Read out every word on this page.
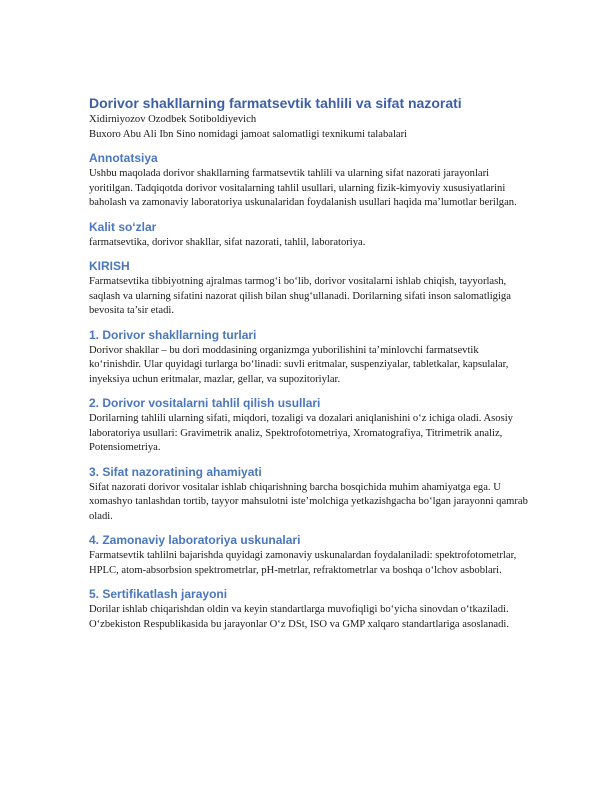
Dorivor shakllarning farmatsevtik tahlili va sifat nazorati

Xidirniyozov Ozodbek Sotiboldiyevich

Buxoro Abu Ali Ibn Sino nomidagi jamoat salomatligi texnikumi talabalari

Annotatsiya

Ushbu maqolada dorivor shakllarning farmatsevtik tahlili va ularning sifat nazorati jarayonlari yoritilgan. Tadqiqotda dorivor vositalarning tahlil usullari, ularning fizik-kimyoviy xususiyatlarini baholash va zamonaviy laboratoriya uskunalaridan foydalanish usullari haqida ma’lumotlar berilgan.

Kalit so‘zlar

farmatsevtika, dorivor shakllar, sifat nazorati, tahlil, laboratoriya.

KIRISH

Farmatsevtika tibbiyotning ajralmas tarmog‘i bo‘lib, dorivor vositalarni ishlab chiqish, tayyorlash, saqlash va ularning sifatini nazorat qilish bilan shug‘ullanadi. Dorilarning sifati inson salomatligiga bevosita ta’sir etadi.

1. Dorivor shakllarning turlari

Dorivor shakllar – bu dori moddasining organizmga yuborilishini ta’minlovchi farmatsevtik ko‘rinishdir. Ular quyidagi turlarga bo‘linadi: suvli eritmalar, suspenziyalar, tabletkalar, kapsulalar, inyeksiya uchun eritmalar, mazlar, gellar, va supozitoriylar.

2. Dorivor vositalarni tahlil qilish usullari

Dorilarning tahlili ularning sifati, miqdori, tozaligi va dozalari aniqlanishini o‘z ichiga oladi. Asosiy laboratoriya usullari: Gravimetrik analiz, Spektrofotometriya, Xromatografiya, Titrimetrik analiz, Potensiometriya.

3. Sifat nazoratining ahamiyati

Sifat nazorati dorivor vositalar ishlab chiqarishning barcha bosqichida muhim ahamiyatga ega. U xomashyo tanlashdan tortib, tayyor mahsulotni iste’molchiga yetkazishgacha bo‘lgan jarayonni qamrab oladi.

4. Zamonaviy laboratoriya uskunalari

Farmatsevtik tahlilni bajarishda quyidagi zamonaviy uskunalardan foydalaniladi: spektrofotometrlar, HPLC, atom-absorbsion spektrometrlar, pH-metrlar, refraktometrlar va boshqa o‘lchov asboblari.

5. Sertifikatlash jarayoni

Dorilar ishlab chiqarishdan oldin va keyin standartlarga muvofiqligi bo‘yicha sinovdan o‘tkaziladi. O‘zbekiston Respublikasida bu jarayonlar O‘z DSt, ISO va GMP xalqaro standartlariga asoslanadi.
